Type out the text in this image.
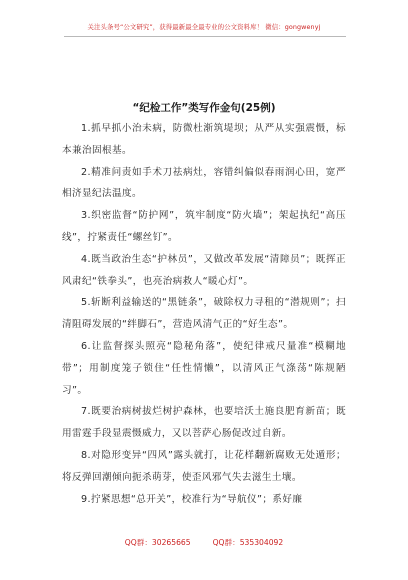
关注头条号“公文研究”，获得最新最全最专业的公文资料库！ 微信：gongwenyj
“纪检工作”类写作金句(25例)

1.抓早抓小治未病，防微杜渐筑堤坝；从严从实强震慑，标本兼治固根基。

2.精准问责如手术刀祛病灶，容错纠偏似春雨润心田，宽严相济显纪法温度。

3.织密监督“防护网”，筑牢制度“防火墙”；架起执纪“高压线”，拧紧责任“螺丝钉”。

4.既当政治生态“护林员”，又做改革发展“清障员”；既挥正风肃纪“铁拳头”，也亮治病救人“暖心灯”。

5.斩断利益输送的“黑链条”，破除权力寻租的“潜规则”；扫清阻碍发展的“绊脚石”，营造风清气正的“好生态”。

6.让监督探头照亮“隐秘角落”，使纪律戒尺量准“模糊地带”；用制度笼子锁住“任性情懒”，以清风正气涤荡“陈规陋习”。

7.既要治病树拔烂树护森林，也要培沃土施良肥育新苗；既用雷霆手段显震慑威力，又以菩萨心肠促改过自新。

8.对隐形变异“四风”露头就打，让花样翻新腐败无处遁形；将反弹回潮倾向扼杀萌芽，使歪风邪气失去滋生土壤。

9.拧紧思想“总开关”，校准行为“导航仪”；系好廉

QQ群：30265665	QQ群：535304092
